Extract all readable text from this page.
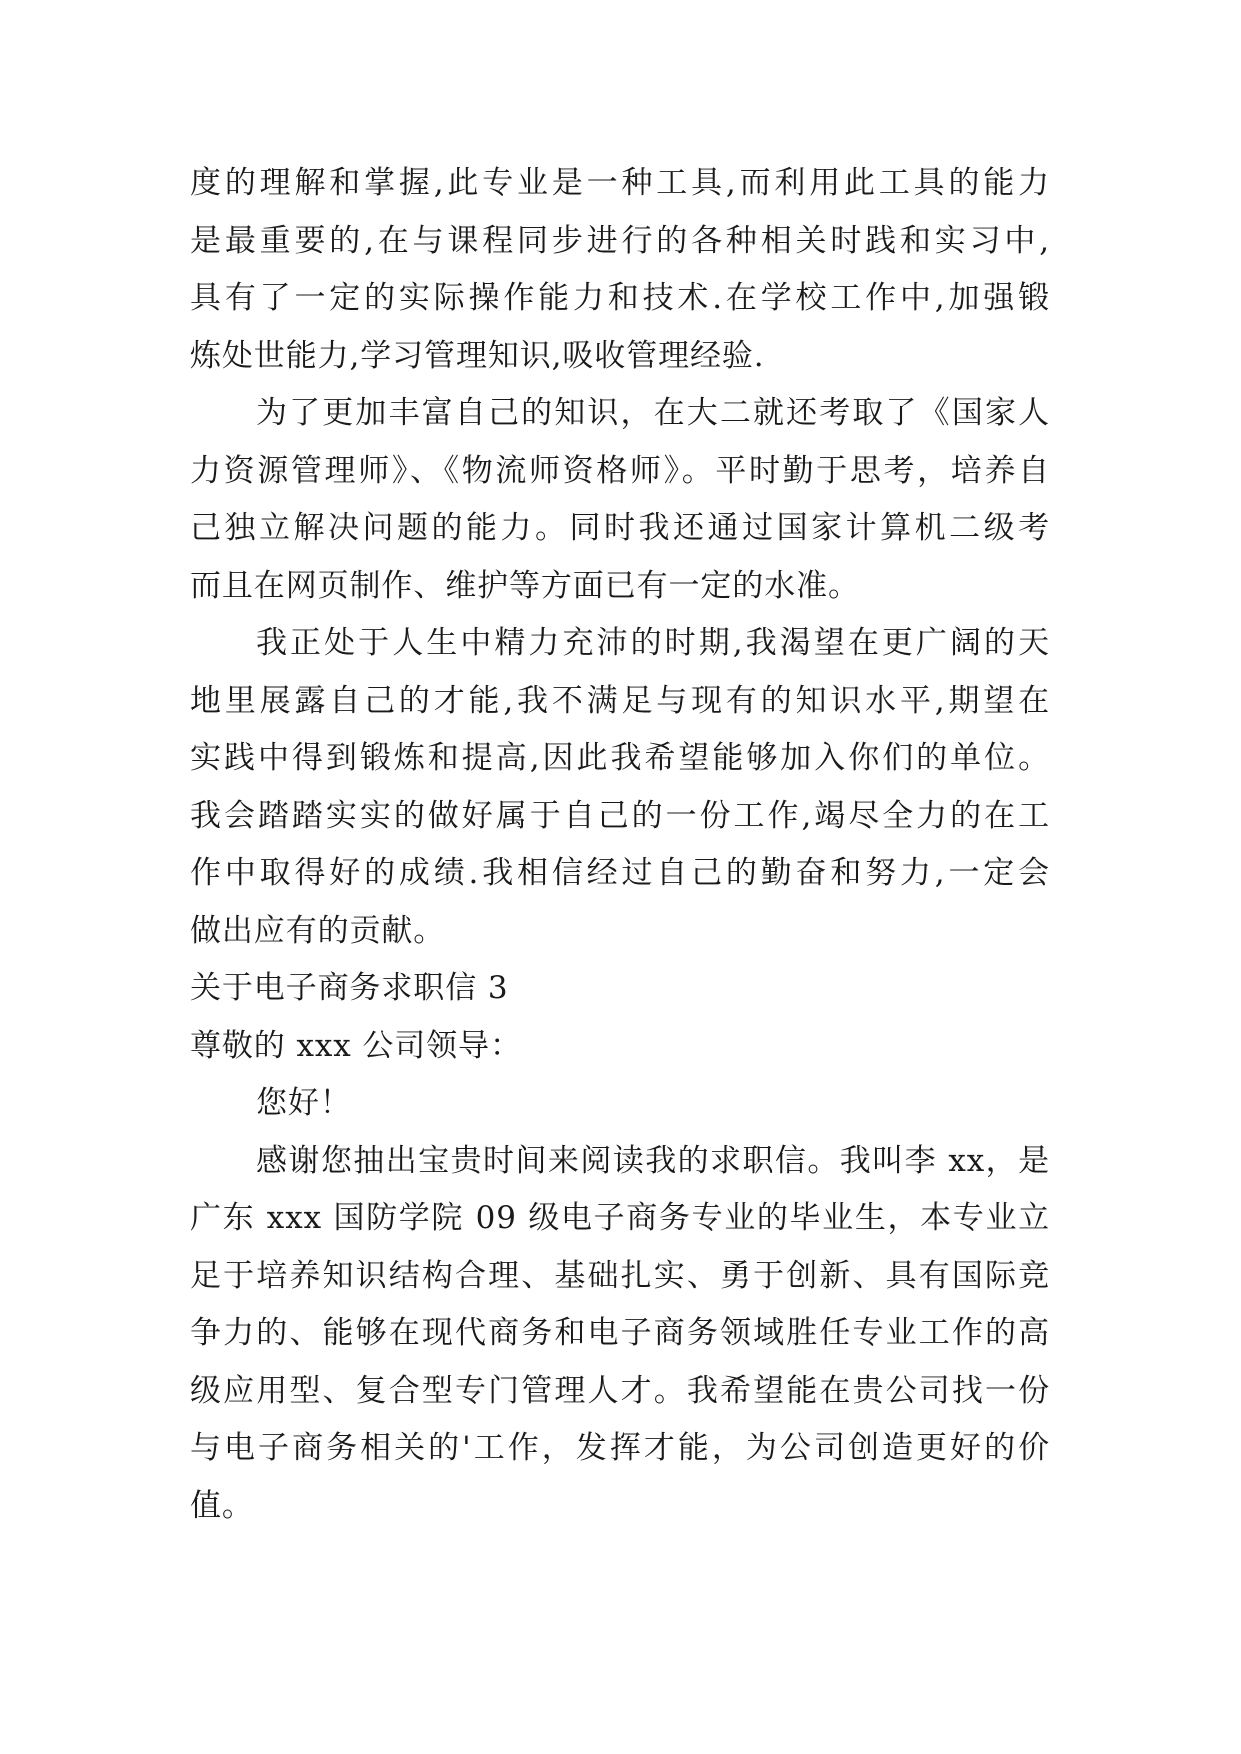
度的理解和掌握,此专业是一种工具,而利用此工具的能力
是最重要的,在与课程同步进行的各种相关时践和实习中,
具有了一定的实际操作能力和技术.在学校工作中,加强锻
炼处世能力,学习管理知识,吸收管理经验.
为了更加丰富自己的知识，在大二就还考取了《国家人
力资源管理师》、《物流师资格师》。平时勤于思考，培养自
己独立解决问题的能力。同时我还通过国家计算机二级考
而且在网页制作、维护等方面已有一定的水准。
我正处于人生中精力充沛的时期,我渴望在更广阔的天
地里展露自己的才能,我不满足与现有的知识水平,期望在
实践中得到锻炼和提高,因此我希望能够加入你们的单位。
我会踏踏实实的做好属于自己的一份工作,竭尽全力的在工
作中取得好的成绩.我相信经过自己的勤奋和努力,一定会
做出应有的贡献。
关于电子商务求职信 3
尊敬的 xxx 公司领导：
您好！
感谢您抽出宝贵时间来阅读我的求职信。我叫李 xx，是
广东 xxx 国防学院 09 级电子商务专业的毕业生，本专业立
足于培养知识结构合理、基础扎实、勇于创新、具有国际竞
争力的、能够在现代商务和电子商务领域胜任专业工作的高
级应用型、复合型专门管理人才。我希望能在贵公司找一份
与电子商务相关的'工作，发挥才能，为公司创造更好的价
值。
